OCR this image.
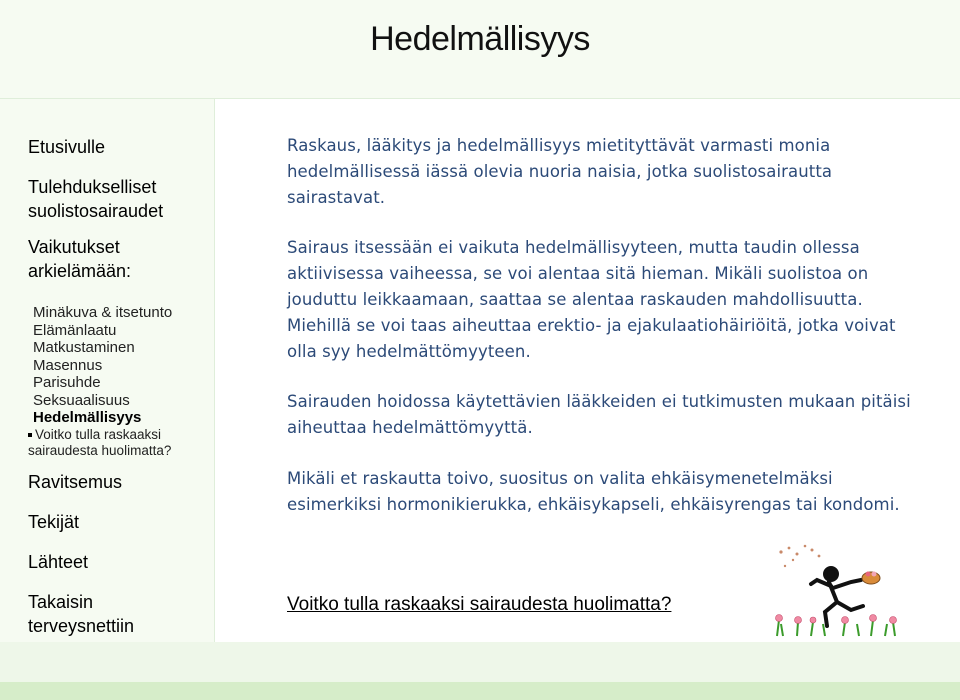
Hedelmällisyys
Etusivulle
Tulehdukselliset suolistosairaudet
Vaikutukset arkielämään:
Minäkuva & itsetunto
Elämänlaatu
Matkustaminen
Masennus
Parisuhde
Seksuaalisuus
Hedelmällisyys
Voitko tulla raskaaksi sairaudesta huolimatta?
Ravitsemus
Tekijät
Lähteet
Takaisin terveysnettiin

Raskaus, lääkitys ja hedelmällisyys mietityttävät varmasti monia hedelmällisessä iässä olevia nuoria naisia, jotka suolistosairautta sairastavat.

Sairaus itsessään ei vaikuta hedelmällisyyteen, mutta taudin ollessa aktiivisessa vaiheessa, se voi alentaa sitä hieman. Mikäli suolistoa on jouduttu leikkaamaan, saattaa se alentaa raskauden mahdollisuutta. Miehillä se voi taas aiheuttaa erektio- ja ejakulaatiohäiriöitä, jotka voivat olla syy hedelmättömyyteen.

Sairauden hoidossa käytettävien lääkkeiden ei tutkimusten mukaan pitäisi aiheuttaa hedelmättömyyttä.

Mikäli et raskautta toivo, suositus on valita ehkäisymenetelmäksi esimerkiksi hormonikierukka, ehkäisykapseli, ehkäisyrengas tai kondomi.

Voitko tulla raskaaksi sairaudesta huolimatta?
